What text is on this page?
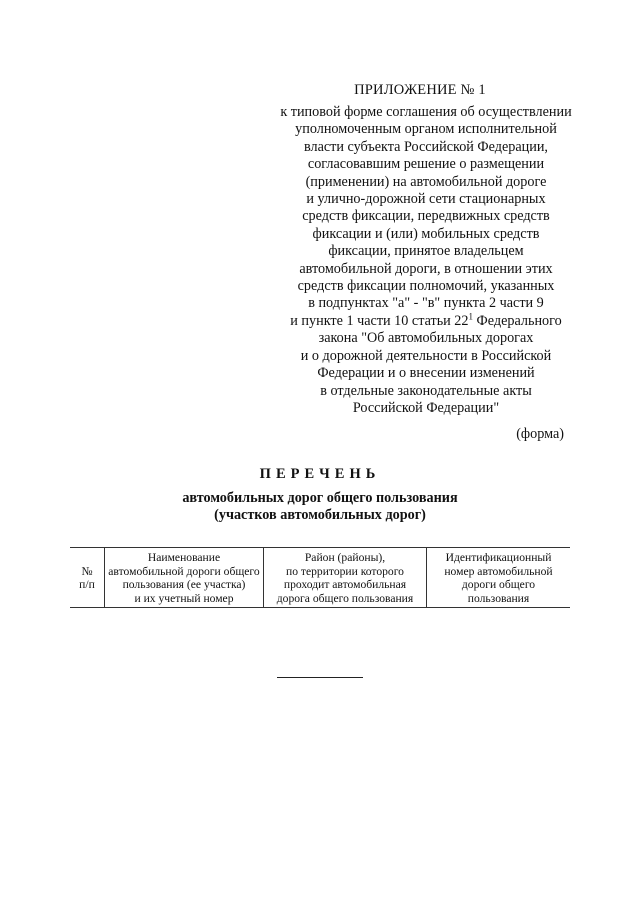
ПРИЛОЖЕНИЕ № 1
к типовой форме соглашения об осуществлении
уполномоченным органом исполнительной
власти субъекта Российской Федерации,
согласовавшим решение о размещении
(применении) на автомобильной дороге
и улично-дорожной сети стационарных
средств фиксации, передвижных средств
фиксации и (или) мобильных средств
фиксации, принятое владельцем
автомобильной дороги, в отношении этих
средств фиксации полномочий, указанных
в подпунктах "а" - "в" пункта 2 части 9
и пункте 1 части 10 статьи $22^1$ Федерального
закона "Об автомобильных дорогах
и о дорожной деятельности в Российской
Федерации и о внесении изменений
в отдельные законодательные акты
Российской Федерации"
(форма)
ПЕРЕЧЕНЬ
автомобильных дорог общего пользования
(участков автомобильных дорог)
№
п/п

Наименование
автомобильной дороги общего
пользования (ее участка)
и их учетный номер

Район (районы),
по территории которого
проходит автомобильная
дорога общего пользования

Идентификационный
номер автомобильной
дороги общего
пользования
